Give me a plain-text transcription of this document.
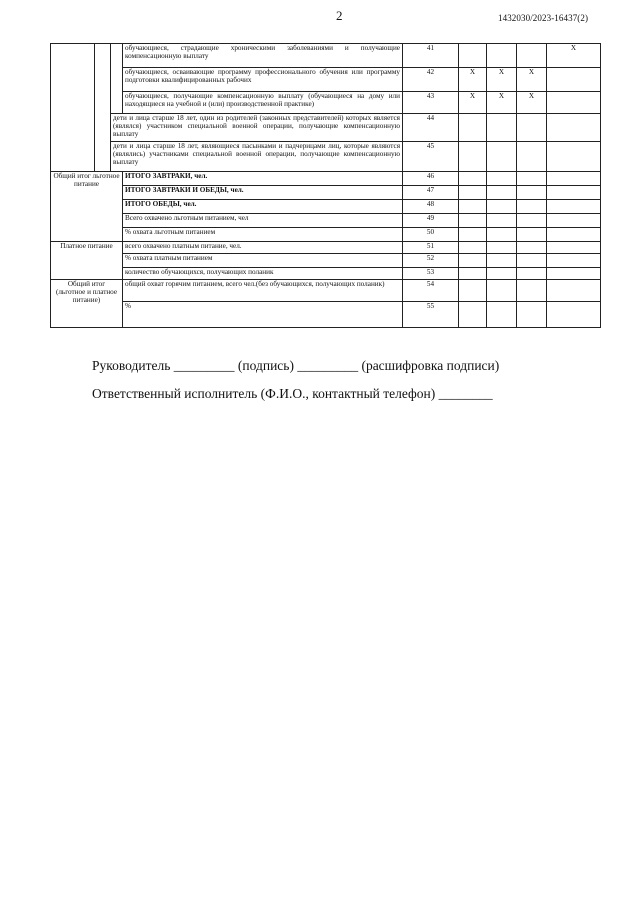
2	1432030/2023-16437(2)
			обучающиеся, страдающие хроническими заболеваниями и получающие компенсационную выплату	41				X
			обучающиеся, осваивающие программу профессионального обучения или программу подготовки квалифицированных рабочих	42	X	X	X	
			обучающиеся, получающие компенсационную выплату (обучающиеся на дому или находящиеся на учебной и (или) производственной практике)	43	X	X	X	
		дети и лица старше 18 лет, один из родителей (законных представителей) которых является (являлся) участником специальной военной операции, получающие компенсационную выплату		44				
		дети и лица старше 18 лет, являющиеся пасынками и падчерицами лиц, которые являются (являлись) участниками специальной военной операции, получающие компенсационную выплату		45				
Общий итог льготное питание			ИТОГО ЗАВТРАКИ, чел.	46				
			ИТОГО ЗАВТРАКИ И ОБЕДЫ, чел.	47				
			ИТОГО ОБЕДЫ, чел.	48				
			Всего охвачено льготным питанием, чел	49				
			% охвата льготным питанием	50				
Платное питание			всего охвачено платным питание, чел.	51				
			% охвата платным питанием	52				
			количество обучающихся, получающих поланик	53				
Общий итог (льготное и платное питание)			общий охват горячим питанием, всего чел.(без обучающихся, получающих поланик)	54				
			%	55				
Руководитель _________ (подпись) _________ (расшифровка подписи)
Ответственный исполнитель (Ф.И.О., контактный телефон) ________
